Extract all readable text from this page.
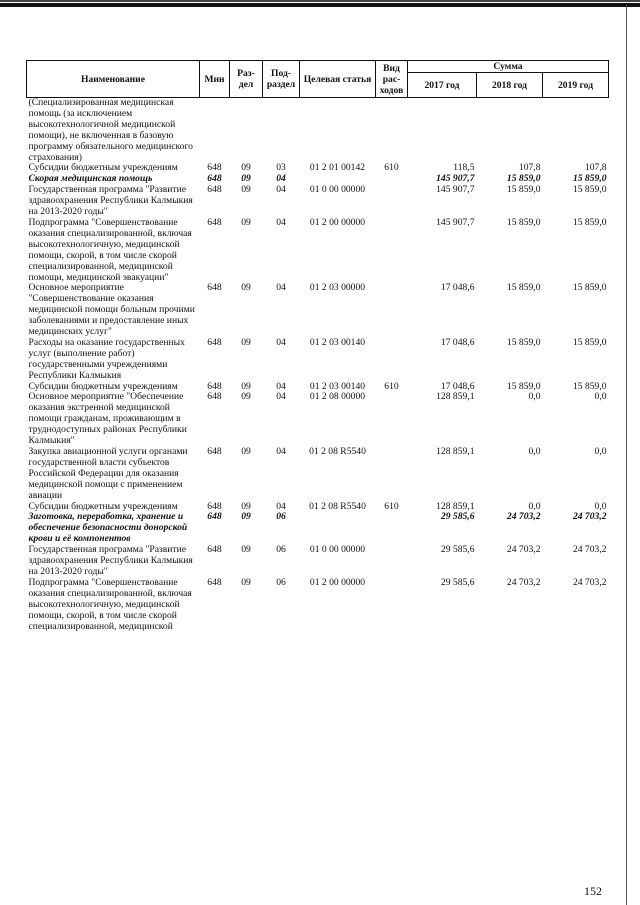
Наименование	Мин	Раз-дел	Под-раздел	Целевая статья	Вид рас-ходов	Сумма		
						2017 год	2018 год	2019 год
(Специализированная медицинская помощь (за исключением высокотехнологичной медицинской помощи), не включенная в базовую программу обязательного медицинского страхования)								
Субсидии бюджетным учреждениям	648	09	03	01 2 01 00142	610	118,5	107,8	107,8
Скорая медицинская помощь	648	09	04			145 907,7	15 859,0	15 859,0
Государственная программа "Развитие здравоохранения Республики Калмыкия на 2013-2020 годы"	648	09	04	01 0 00 00000		145 907,7	15 859,0	15 859,0
Подпрограмма "Совершенствование оказания специализированной, включая высокотехнологичную, медицинской помощи, скорой, в том числе скорой специализированной, медицинской помощи, медицинской эвакуации"	648	09	04	01 2 00 00000		145 907,7	15 859,0	15 859,0
Основное мероприятие "Совершенствование оказания медицинской помощи больным прочими заболеваниями и предоставление иных медицинских услуг"	648	09	04	01 2 03 00000		17 048,6	15 859,0	15 859,0
Расходы на оказание государственных услуг (выполнение работ) государственными учреждениями Республики Калмыкия	648	09	04	01 2 03 00140		17 048,6	15 859,0	15 859,0
Субсидии бюджетным учреждениям	648	09	04	01 2 03 00140	610	17 048,6	15 859,0	15 859,0
Основное мероприятие "Обеспечение оказания экстренной медицинской помощи гражданам, проживающим в труднодоступных районах Республики Калмыкия"	648	09	04	01 2 08 00000		128 859,1	0,0	0,0
Закупка авиационной услуги органами государственной власти субъектов Российской Федерации для оказания медицинской помощи с применением авиации	648	09	04	01 2 08 R5540		128 859,1	0,0	0,0
Субсидии бюджетным учреждениям	648	09	04	01 2 08 R5540	610	128 859,1	0,0	0,0
Заготовка, переработка, хранение и обеспечение безопасности донорской крови и её компонентов	648	09	06			29 585,6	24 703,2	24 703,2
Государственная программа "Развитие здравоохранения Республики Калмыкия на 2013-2020 годы"	648	09	06	01 0 00 00000		29 585,6	24 703,2	24 703,2
Подпрограмма "Совершенствование оказания специализированной, включая высокотехнологичную, медицинской помощи, скорой, в том числе скорой специализированной, медицинской	648	09	06	01 2 00 00000		29 585,6	24 703,2	24 703,2
152
